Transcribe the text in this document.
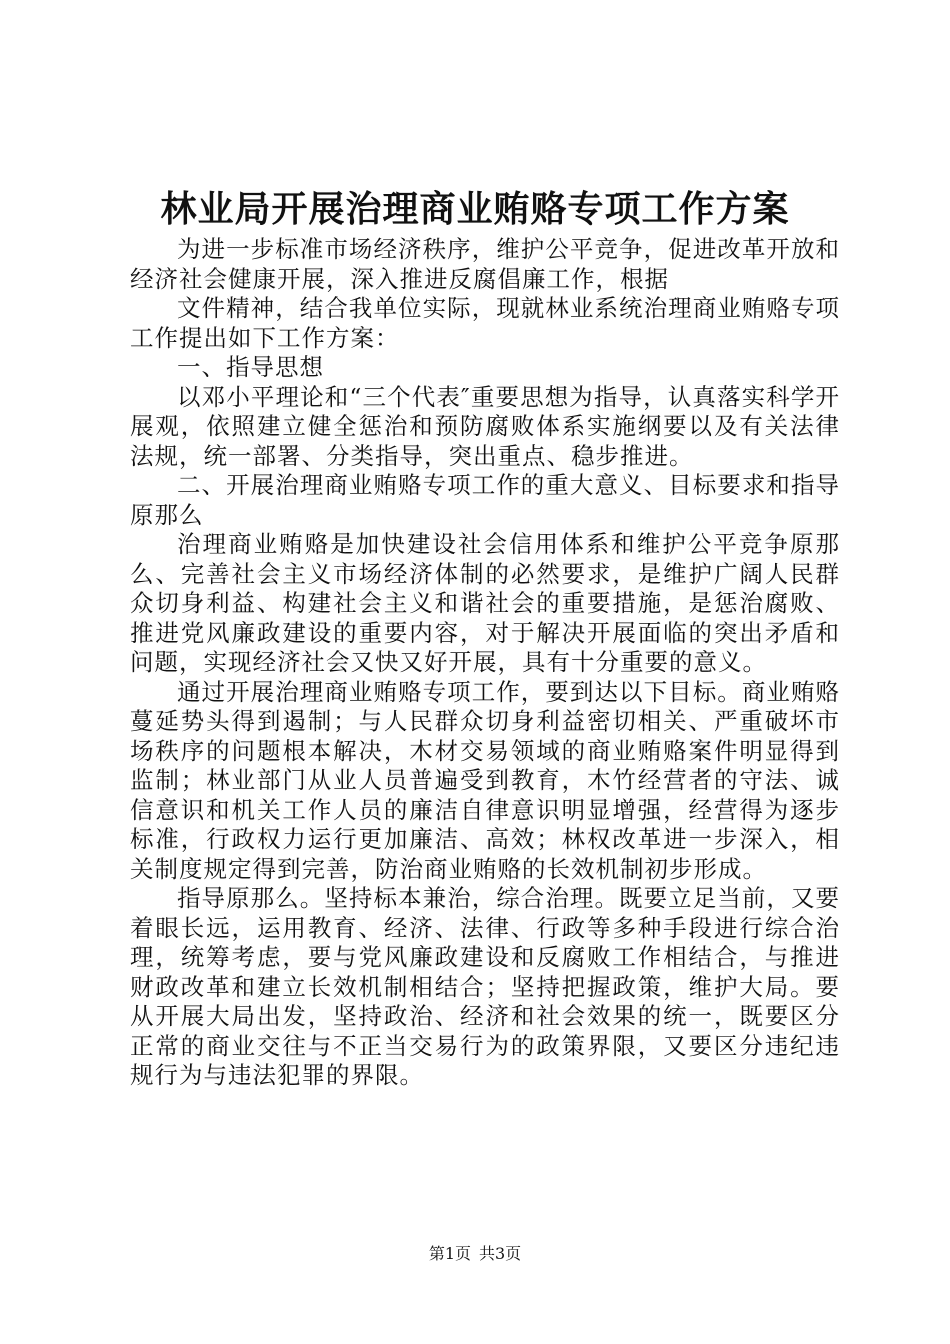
林业局开展治理商业贿赂专项工作方案

为进一步标准市场经济秩序，维护公平竞争，促进改革开放和经济社会健康开展，深入推进反腐倡廉工作，根据

文件精神，结合我单位实际，现就林业系统治理商业贿赂专项工作提出如下工作方案：

一、指导思想

以邓小平理论和“三个代表″重要思想为指导，认真落实科学开展观，依照建立健全惩治和预防腐败体系实施纲要以及有关法律法规，统一部署、分类指导，突出重点、稳步推进。

二、开展治理商业贿赂专项工作的重大意义、目标要求和指导原那么

治理商业贿赂是加快建设社会信用体系和维护公平竞争原那么、完善社会主义市场经济体制的必然要求，是维护广阔人民群众切身利益、构建社会主义和谐社会的重要措施，是惩治腐败、推进党风廉政建设的重要内容，对于解决开展面临的突出矛盾和问题，实现经济社会又快又好开展，具有十分重要的意义。

通过开展治理商业贿赂专项工作，要到达以下目标。商业贿赂蔓延势头得到遏制；与人民群众切身利益密切相关、严重破坏市场秩序的问题根本解决，木材交易领域的商业贿赂案件明显得到监制；林业部门从业人员普遍受到教育，木竹经营者的守法、诚信意识和机关工作人员的廉洁自律意识明显增强，经营得为逐步标准，行政权力运行更加廉洁、高效；林权改革进一步深入，相关制度规定得到完善，防治商业贿赂的长效机制初步形成。

指导原那么。坚持标本兼治，综合治理。既要立足当前，又要着眼长远，运用教育、经济、法律、行政等多种手段进行综合治理，统筹考虑，要与党风廉政建设和反腐败工作相结合，与推进财政改革和建立长效机制相结合；坚持把握政策，维护大局。要从开展大局出发，坚持政治、经济和社会效果的统一，既要区分正常的商业交往与不正当交易行为的政策界限，又要区分违纪违规行为与违法犯罪的界限。

第1页 共3页
